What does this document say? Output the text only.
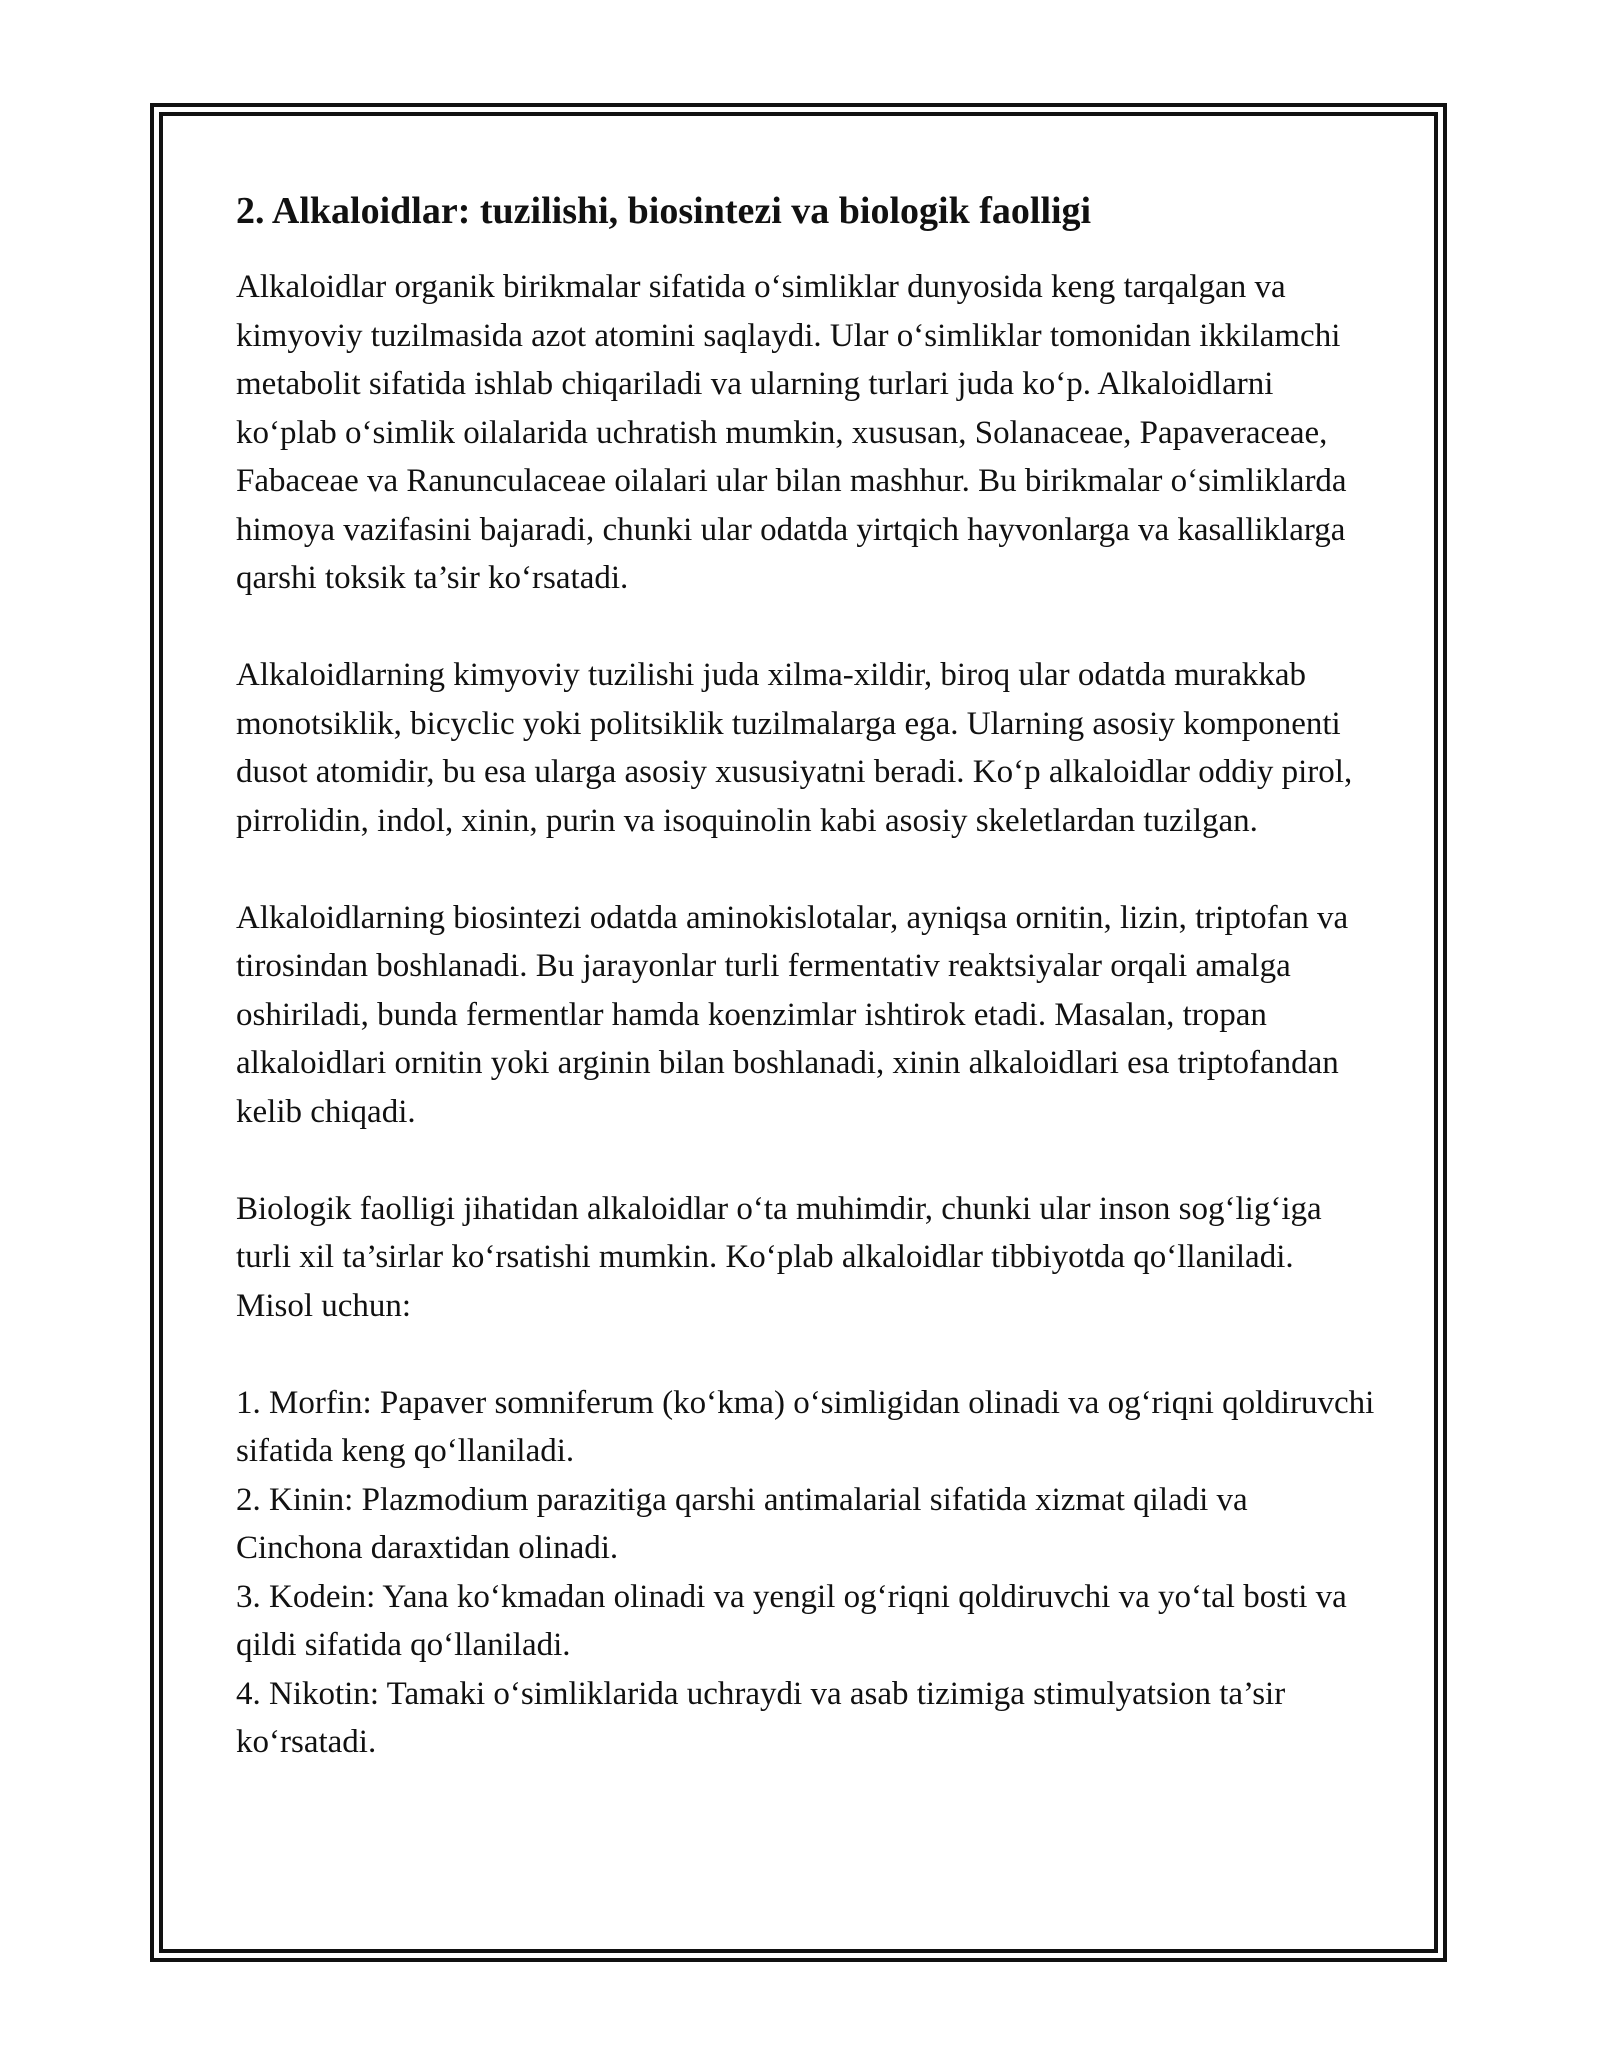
2. Alkaloidlar: tuzilishi, biosintezi va biologik faolligi

Alkaloidlar organik birikmalar sifatida o‘simliklar dunyosida keng tarqalgan va kimyoviy tuzilmasida azot atomini saqlaydi. Ular o‘simliklar tomonidan ikkilamchi metabolit sifatida ishlab chiqariladi va ularning turlari juda ko‘p. Alkaloidlarni ko‘plab o‘simlik oilalarida uchratish mumkin, xususan, Solanaceae, Papaveraceae, Fabaceae va Ranunculaceae oilalari ular bilan mashhur. Bu birikmalar o‘simliklarda himoya vazifasini bajaradi, chunki ular odatda yirtqich hayvonlarga va kasalliklarga qarshi toksik ta’sir ko‘rsatadi.

Alkaloidlarning kimyoviy tuzilishi juda xilma-xildir, biroq ular odatda murakkab monotsiklik, bicyclic yoki politsiklik tuzilmalarga ega. Ularning asosiy komponenti dusot atomidir, bu esa ularga asosiy xususiyatni beradi. Ko‘p alkaloidlar oddiy pirol, pirrolidin, indol, xinin, purin va isoquinolin kabi asosiy skeletlardan tuzilgan.

Alkaloidlarning biosintezi odatda aminokislotalar, ayniqsa ornitin, lizin, triptofan va tirosindan boshlanadi. Bu jarayonlar turli fermentativ reaktsiyalar orqali amalga oshiriladi, bunda fermentlar hamda koenzimlar ishtirok etadi. Masalan, tropan alkaloidlari ornitin yoki arginin bilan boshlanadi, xinin alkaloidlari esa triptofandan kelib chiqadi.

Biologik faolligi jihatidan alkaloidlar o‘ta muhimdir, chunki ular inson sog‘lig‘iga turli xil ta’sirlar ko‘rsatishi mumkin. Ko‘plab alkaloidlar tibbiyotda qo‘llaniladi. Misol uchun:

1. Morfin: Papaver somniferum (ko‘kma) o‘simligidan olinadi va og‘riqni qoldiruvchi sifatida keng qo‘llaniladi.
2. Kinin: Plazmodium parazitiga qarshi antimalarial sifatida xizmat qiladi va Cinchona daraxtidan olinadi.
3. Kodein: Yana ko‘kmadan olinadi va yengil og‘riqni qoldiruvchi va yo‘tal bosti va qildi sifatida qo‘llaniladi.
4. Nikotin: Tamaki o‘simliklarida uchraydi va asab tizimiga stimulyatsion ta’sir ko‘rsatadi.
